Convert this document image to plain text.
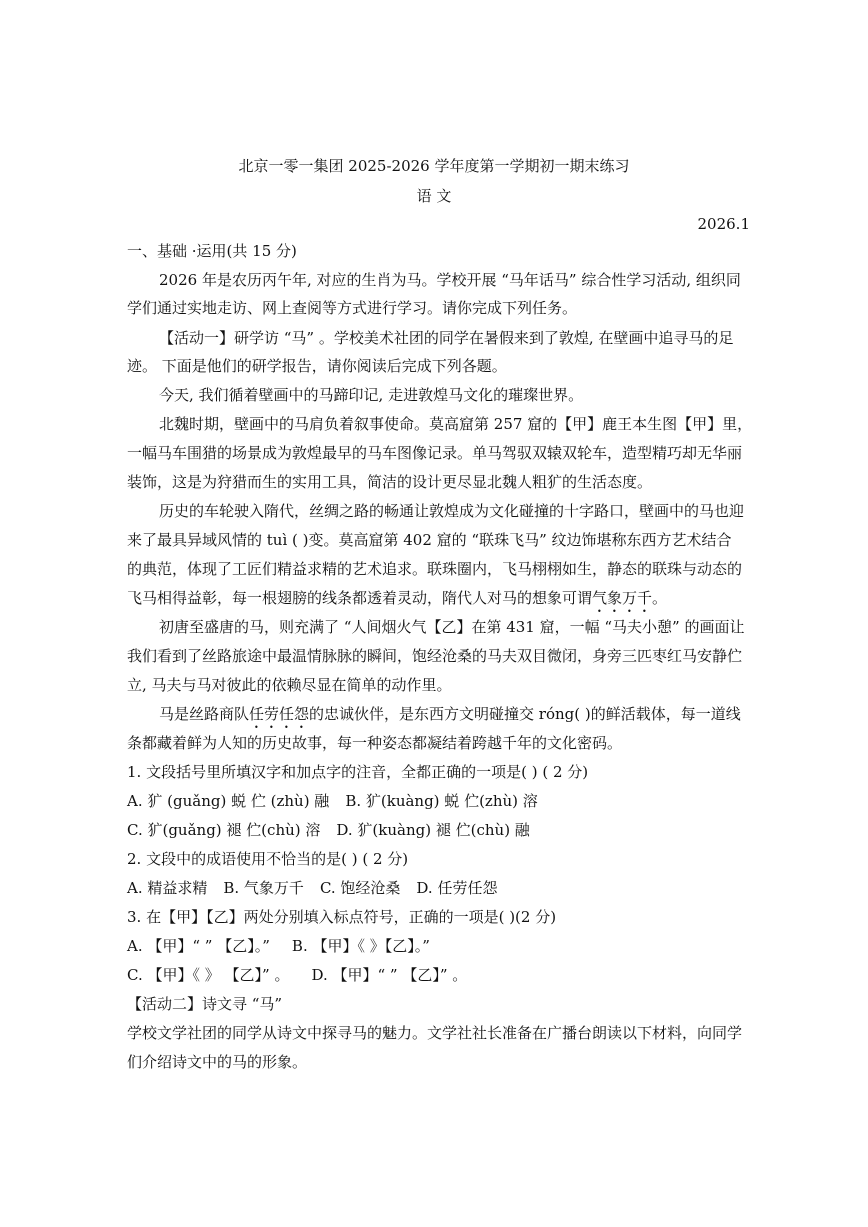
北京一零一集团 2025-2026 学年度第一学期初一期末练习
语 文
2026.1
一、基础 ·运用(共 15 分)
2026 年是农历丙午年, 对应的生肖为马。学校开展 “马年话马” 综合性学习活动, 组织同
学们通过实地走访、网上查阅等方式进行学习。请你完成下列任务。
【活动一】研学访 “马” 。学校美术社团的同学在暑假来到了敦煌, 在壁画中追寻马的足
迹。 下面是他们的研学报告，请你阅读后完成下列各题。
今天, 我们循着壁画中的马蹄印记, 走进敦煌马文化的璀璨世界。
北魏时期，壁画中的马肩负着叙事使命。莫高窟第 257 窟的【甲】鹿王本生图【甲】里，
一幅马车围猎的场景成为敦煌最早的马车图像记录。单马驾驭双辕双轮车，造型精巧却无华丽
装饰，这是为狩猎而生的实用工具，简洁的设计更尽显北魏人粗犷的生活态度。
历史的车轮驶入隋代，丝绸之路的畅通让敦煌成为文化碰撞的十字路口，壁画中的马也迎
来了最具异域风情的 tuì ( )变。莫高窟第 402 窟的 “联珠飞马” 纹边饰堪称东西方艺术结合
的典范，体现了工匠们精益求精的艺术追求。联珠圈内，飞马栩栩如生，静态的联珠与动态的
飞马相得益彰，每一根翅膀的线条都透着灵动，隋代人对马的想象可谓气象万千。
初唐至盛唐的马，则充满了 “人间烟火气【乙】在第 431 窟，一幅 “马夫小憩” 的画面让
我们看到了丝路旅途中最温情脉脉的瞬间，饱经沧桑的马夫双目微闭，身旁三匹枣红马安静伫
立, 马夫与马对彼此的依赖尽显在简单的动作里。
马是丝路商队任劳任怨的忠诚伙伴，是东西方文明碰撞交 róng( )的鲜活载体，每一道线
条都藏着鲜为人知的历史故事，每一种姿态都凝结着跨越千年的文化密码。
1. 文段括号里所填汉字和加点字的注音，全都正确的一项是( ) ( 2 分)
A. 犷 (guǎng) 蜕 伫 (zhù) 融 B. 犷(kuàng) 蜕 伫(zhù) 溶
C. 犷(guǎng) 褪 伫(chù) 溶 D. 犷(kuàng) 褪 伫(chù) 融
2. 文段中的成语使用不恰当的是( ) ( 2 分)
A. 精益求精 B. 气象万千 C. 饱经沧桑 D. 任劳任怨
3. 在【甲】【乙】两处分别填入标点符号，正确的一项是( )(2 分)
A. 【甲】“ ” 【乙】。” B. 【甲】《 》【乙】。”
C. 【甲】《 》 【乙】” 。 D. 【甲】“ ” 【乙】” 。
【活动二】诗文寻 “马”
学校文学社团的同学从诗文中探寻马的魅力。文学社社长准备在广播台朗读以下材料，向同学
们介绍诗文中的马的形象。
